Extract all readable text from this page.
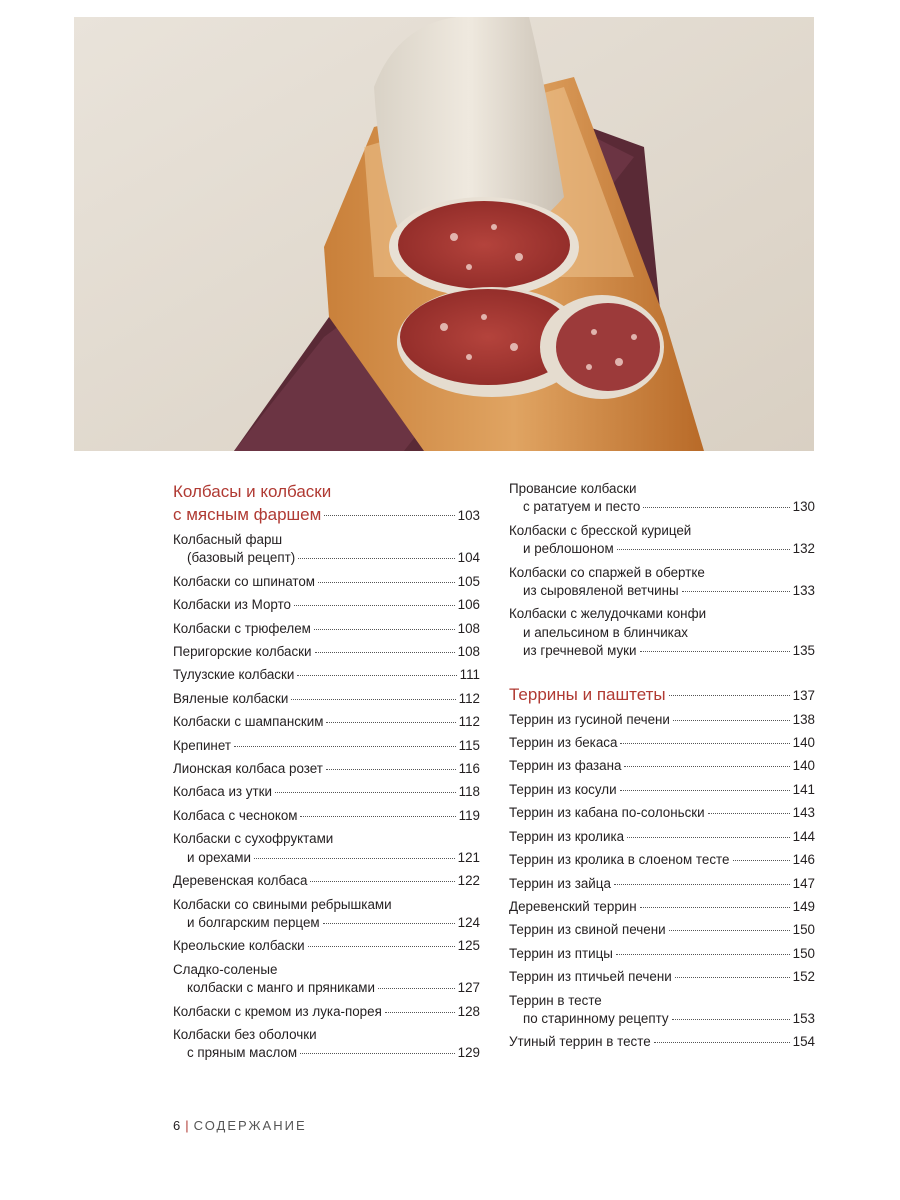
Колбасы и колбаски
с мясным фаршем	103
Колбасный фарш
(базовый рецепт)	104
Колбаски со шпинатом	105
Колбаски из Морто	106
Колбаски с трюфелем	108
Перигорские колбаски	108
Тулузские колбаски	111
Вяленые колбаски	112
Колбаски с шампанским	112
Крепинет	115
Лионская колбаса розет	116
Колбаса из утки	118
Колбаса с чесноком	119
Колбаски с сухофруктами
и орехами	121
Деревенская колбаса	122
Колбаски со свиными ребрышками
и болгарским перцем	124
Креольские колбаски	125
Сладко-соленые
колбаски с манго и пряниками	127
Колбаски с кремом из лука-порея	128
Колбаски без оболочки
с пряным маслом	129
Провансие колбаски
с рататуем и песто	130
Колбаски с бресской курицей
и реблошоном	132
Колбаски со спаржей в обертке
из сыровяленой ветчины	133
Колбаски с желудочками конфи
и апельсином в блинчиках
из гречневой муки	135
Террины и паштеты	137
Террин из гусиной печени	138
Террин из бекаса	140
Террин из фазана	140
Террин из косули	141
Террин из кабана по-солоньски	143
Террин из кролика	144
Террин из кролика в слоеном тесте	146
Террин из зайца	147
Деревенский террин	149
Террин из свиной печени	150
Террин из птицы	150
Террин из птичьей печени	152
Террин в тесте
по старинному рецепту	153
Утиный террин в тесте	154
6 | СОДЕРЖАНИЕ
